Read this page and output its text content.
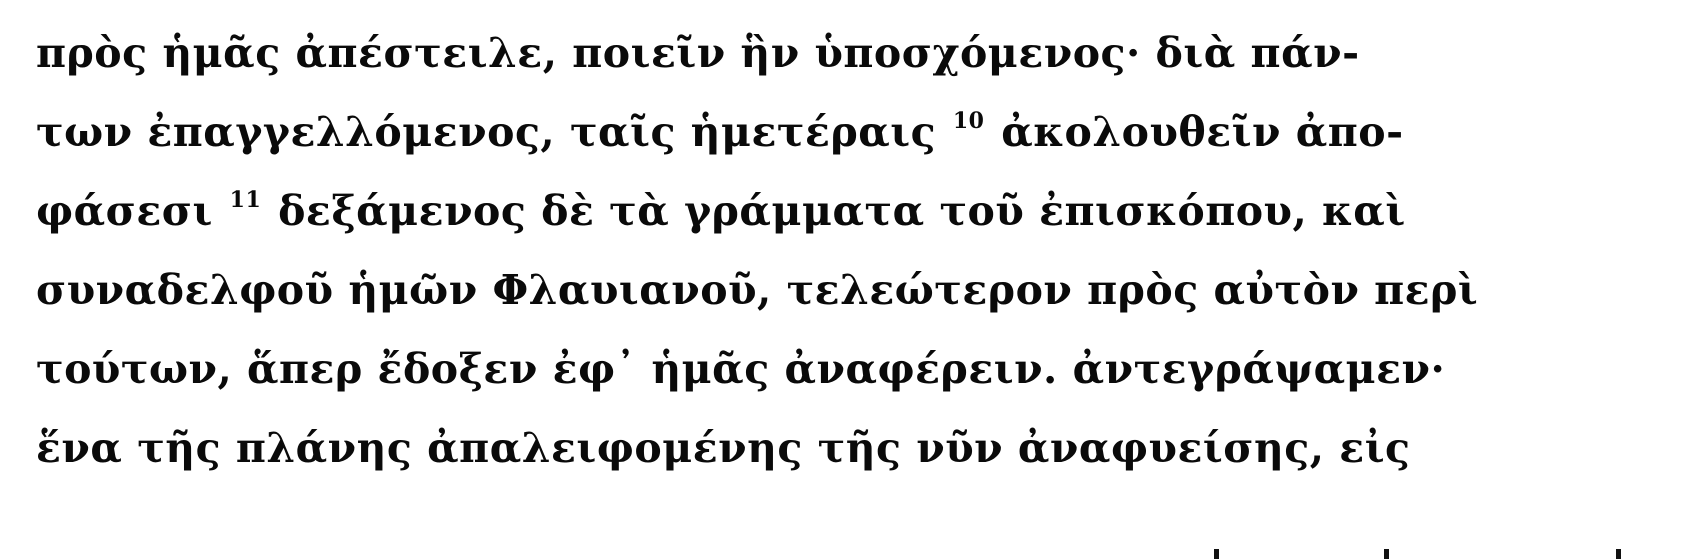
πρὸς ἡμᾶς ἀπέστειλε, ποιεῖν ἣν ὑποσχόμενος· διὰ πάν-
των ἐπαγγελλόμενος, ταῖς ἡμετέραις 10 ἀκολουθεῖν ἀπο-
φάσεσι 11 δεξάμενος δὲ τὰ γράμματα τοῦ ἐπισκόπου, καὶ
συναδελφοῦ ἡμῶν Φλαυιανοῦ, τελεώτερον πρὸς αὐτὸν περὶ
τούτων, ἅπερ ἔδοξεν ἐφ᾽ ἡμᾶς ἀναφέρειν. ἀντεγράψαμεν·
ἕνα τῆς πλάνης ἀπαλειφομένης τῆς νῦν ἀναφυείσης, εἰς
